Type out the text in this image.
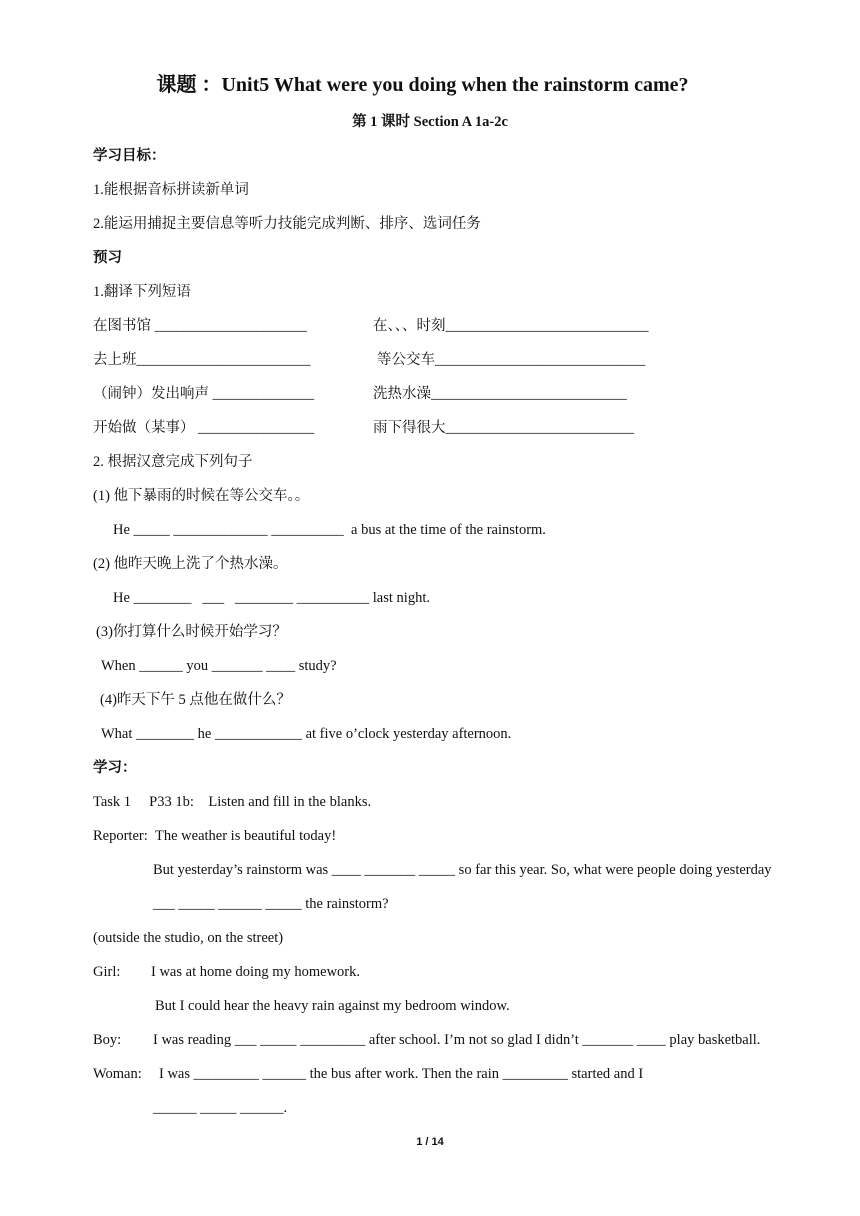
课题 ：Unit5 What were you doing when the rainstorm came?
第 1 课时 Section A 1a-2c
学习目标：
1.能根据音标拼读新单词
2.能运用捕捉主要信息等听力技能完成判断、排序、选词任务
预习
1.翻译下列短语
在图书馆 _____________________	在、、、时刻____________________________
去上班________________________	等公交车_____________________________
（闹钟）发出响声 ______________	洗热水澡___________________________
开始做（某事） ________________	雨下得很大__________________________
2. 根据汉意完成下列句子
(1) 他下暴雨的时候在等公交车。。
He _____ _____________ __________  a bus at the time of the rainstorm.
(2) 他昨天晚上洗了个热水澡。
He ________   ___   ________ __________ last night.
(3)你打算什么时候开始学习？
When ______ you _______ ____ study?
(4)昨天下午 5 点他在做什么？
What ________ he ____________ at five o’clock yesterday afternoon.
学习：
Task 1     P33 1b:    Listen and fill in the blanks.
Reporter: The weather is beautiful today!
But yesterday’s rainstorm was ____ _______ _____ so far this year. So, what were people doing yesterday
___ _____ ______ _____ the rainstorm?
(outside the studio, on the street)
Girl: I was at home doing my homework.
But I could hear the heavy rain against my bedroom window.
Boy: I was reading ___ _____ _________ after school. I’m not so glad I didn’t _______ ____ play basketball.
Woman: I was _________ ______ the bus after work. Then the rain _________ started and I
______ _____ ______.
1 / 14
